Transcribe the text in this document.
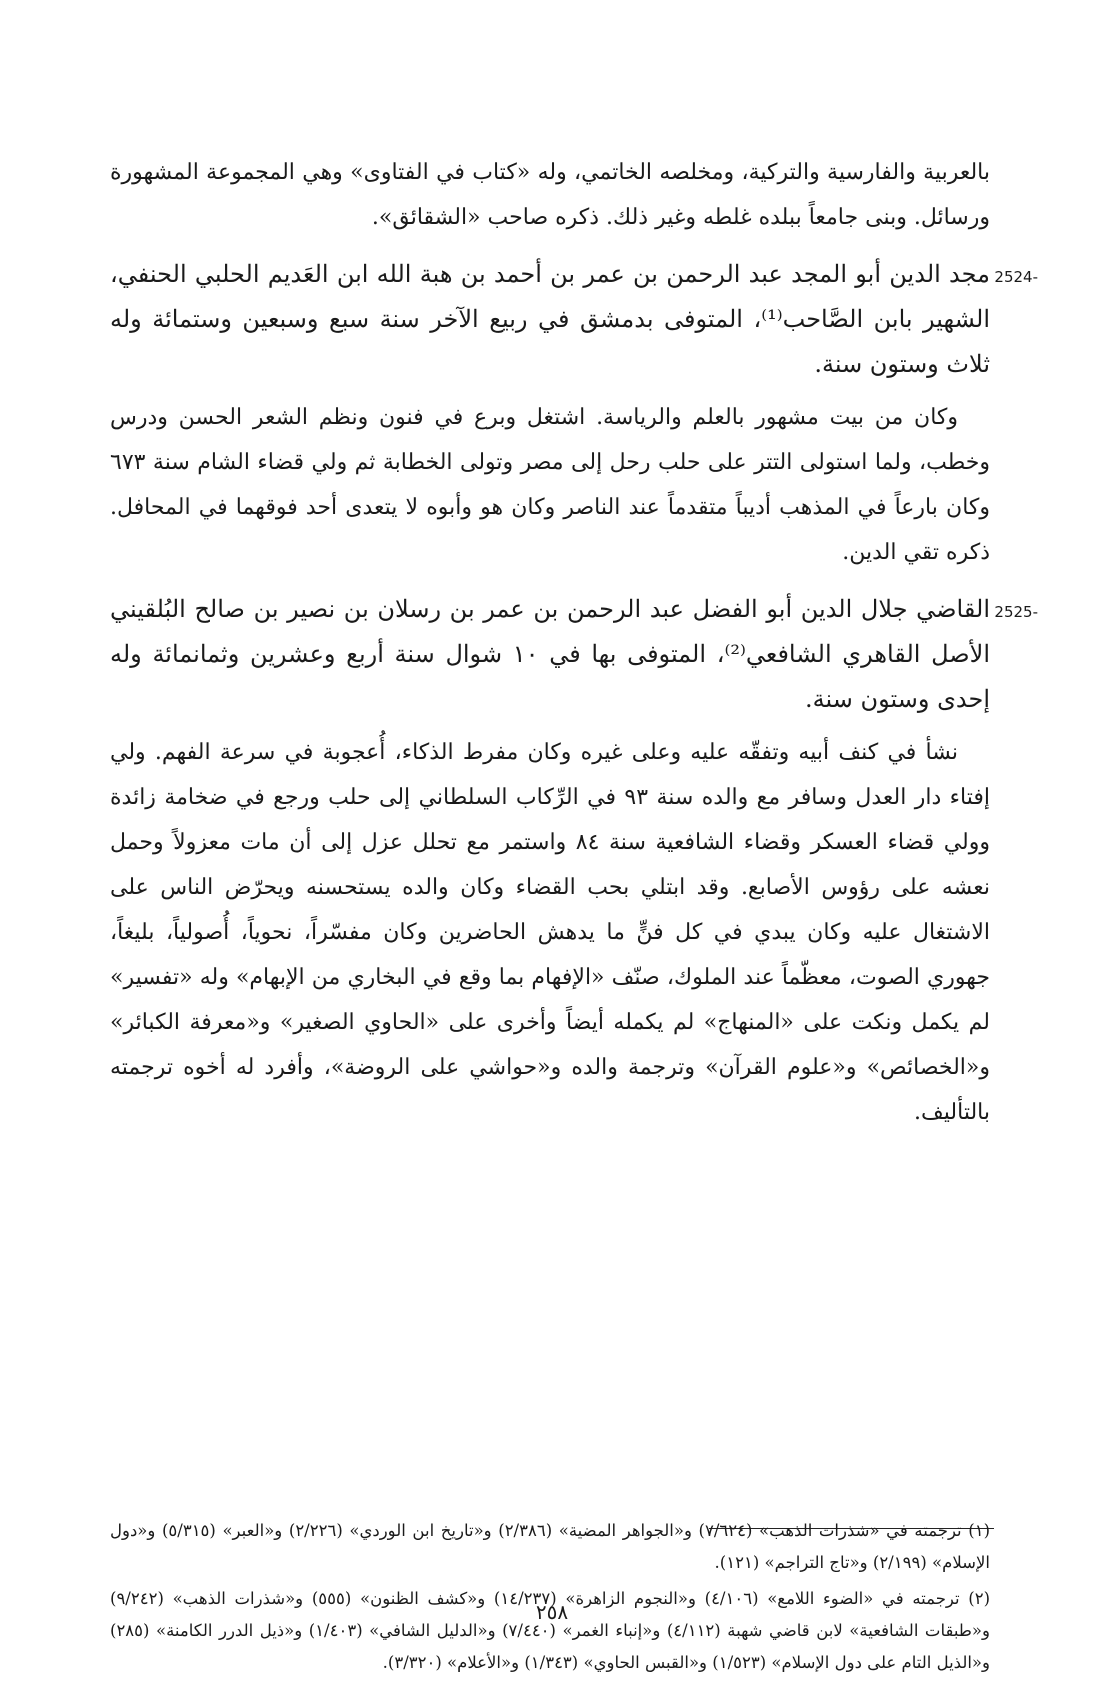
بالعربية والفارسية والتركية، ومخلصه الخاتمي، وله «كتاب في الفتاوى» وهي المجموعة المشهورة ورسائل. وبنى جامعاً ببلده غلطه وغير ذلك. ذكره صاحب «الشقائق».

2524-
مجد الدين أبو المجد عبد الرحمن بن عمر بن أحمد بن هبة الله ابن العَديم الحلبي الحنفي، الشهير بابن الصَّاحب⁽¹⁾، المتوفى بدمشق في ربيع الآخر سنة سبع وسبعين وستمائة وله ثلاث وستون سنة.

وكان من بيت مشهور بالعلم والرياسة. اشتغل وبرع في فنون ونظم الشعر الحسن ودرس وخطب، ولما استولى التتر على حلب رحل إلى مصر وتولى الخطابة ثم ولي قضاء الشام سنة ٦٧٣ وكان بارعاً في المذهب أديباً متقدماً عند الناصر وكان هو وأبوه لا يتعدى أحد فوقهما في المحافل. ذكره تقي الدين.

2525-
القاضي جلال الدين أبو الفضل عبد الرحمن بن عمر بن رسلان بن نصير بن صالح البُلقيني الأصل القاهري الشافعي⁽²⁾، المتوفى بها في ١٠ شوال سنة أربع وعشرين وثمانمائة وله إحدى وستون سنة.

نشأ في كنف أبيه وتفقّه عليه وعلى غيره وكان مفرط الذكاء، أُعجوبة في سرعة الفهم. ولي إفتاء دار العدل وسافر مع والده سنة ٩٣ في الرِّكاب السلطاني إلى حلب ورجع في ضخامة زائدة وولي قضاء العسكر وقضاء الشافعية سنة ٨٤ واستمر مع تحلل عزل إلى أن مات معزولاً وحمل نعشه على رؤوس الأصابع. وقد ابتلي بحب القضاء وكان والده يستحسنه ويحرّض الناس على الاشتغال عليه وكان يبدي في كل فنٍّ ما يدهش الحاضرين وكان مفسّراً، نحوياً، أُصولياً، بليغاً، جهوري الصوت، معظّماً عند الملوك، صنّف «الإفهام بما وقع في البخاري من الإبهام» وله «تفسير» لم يكمل ونكت على «المنهاج» لم يكمله أيضاً وأخرى على «الحاوي الصغير» و«معرفة الكبائر» و«الخصائص» و«علوم القرآن» وترجمة والده و«حواشي على الروضة»، وأفرد له أخوه ترجمته بالتأليف.

(١) ترجمته في «شذرات الذهب» (٧/٦٢٤) و«الجواهر المضية» (٢/٣٨٦) و«تاريخ ابن الوردي» (٢/٢٢٦) و«العبر» (٥/٣١٥) و«دول الإسلام» (٢/١٩٩) و«تاج التراجم» (١٢١).

(٢) ترجمته في «الضوء اللامع» (٤/١٠٦) و«النجوم الزاهرة» (١٤/٢٣٧) و«كشف الظنون» (٥٥٥) و«شذرات الذهب» (٩/٢٤٢) و«طبقات الشافعية» لابن قاضي شهبة (٤/١١٢) و«إنباء الغمر» (٧/٤٤٠) و«الدليل الشافي» (١/٤٠٣) و«ذيل الدرر الكامنة» (٢٨٥) و«الذيل التام على دول الإسلام» (١/٥٢٣) و«القبس الحاوي» (١/٣٤٣) و«الأعلام» (٣/٣٢٠).

٢٥٨
